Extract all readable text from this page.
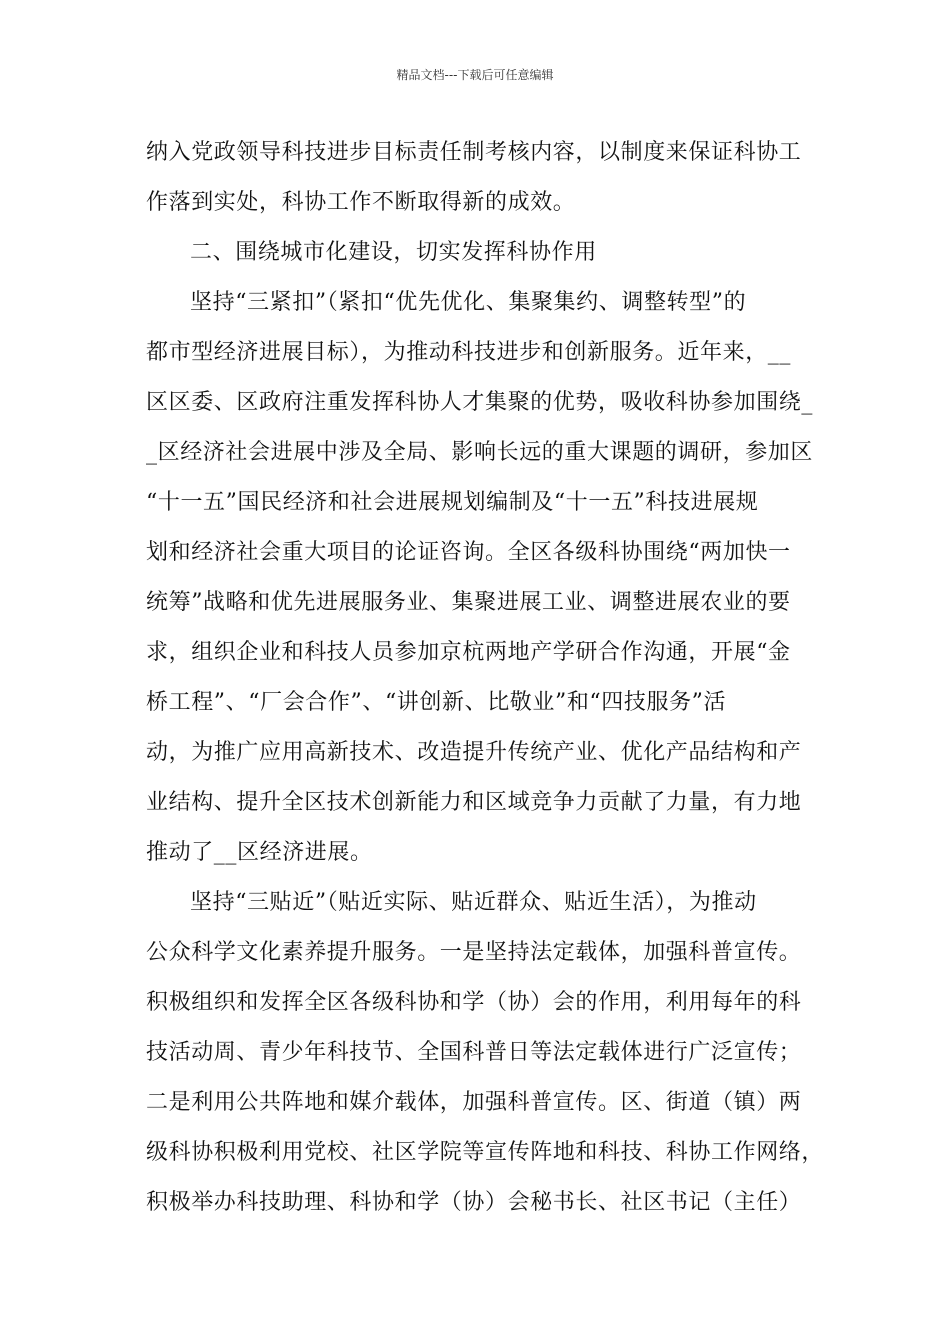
精品文档---下载后可任意编辑
纳入党政领导科技进步目标责任制考核内容，以制度来保证科协工
作落到实处，科协工作不断取得新的成效。
二、围绕城市化建设，切实发挥科协作用
坚持“三紧扣”（紧扣“优先优化、集聚集约、调整转型”的
都市型经济进展目标），为推动科技进步和创新服务。近年来，__
区区委、区政府注重发挥科协人才集聚的优势，吸收科协参加围绕_
_区经济社会进展中涉及全局、影响长远的重大课题的调研，参加区
“十一五”国民经济和社会进展规划编制及“十一五”科技进展规
划和经济社会重大项目的论证咨询。全区各级科协围绕“两加快一
统筹”战略和优先进展服务业、集聚进展工业、调整进展农业的要
求，组织企业和科技人员参加京杭两地产学研合作沟通，开展“金
桥工程”、“厂会合作”、“讲创新、比敬业”和“四技服务”活
动，为推广应用高新技术、改造提升传统产业、优化产品结构和产
业结构、提升全区技术创新能力和区域竞争力贡献了力量，有力地
推动了__区经济进展。
坚持“三贴近”（贴近实际、贴近群众、贴近生活），为推动
公众科学文化素养提升服务。一是坚持法定载体，加强科普宣传。
积极组织和发挥全区各级科协和学（协）会的作用，利用每年的科
技活动周、青少年科技节、全国科普日等法定载体进行广泛宣传；
二是利用公共阵地和媒介载体，加强科普宣传。区、街道（镇）两
级科协积极利用党校、社区学院等宣传阵地和科技、科协工作网络，
积极举办科技助理、科协和学（协）会秘书长、社区书记（主任）
